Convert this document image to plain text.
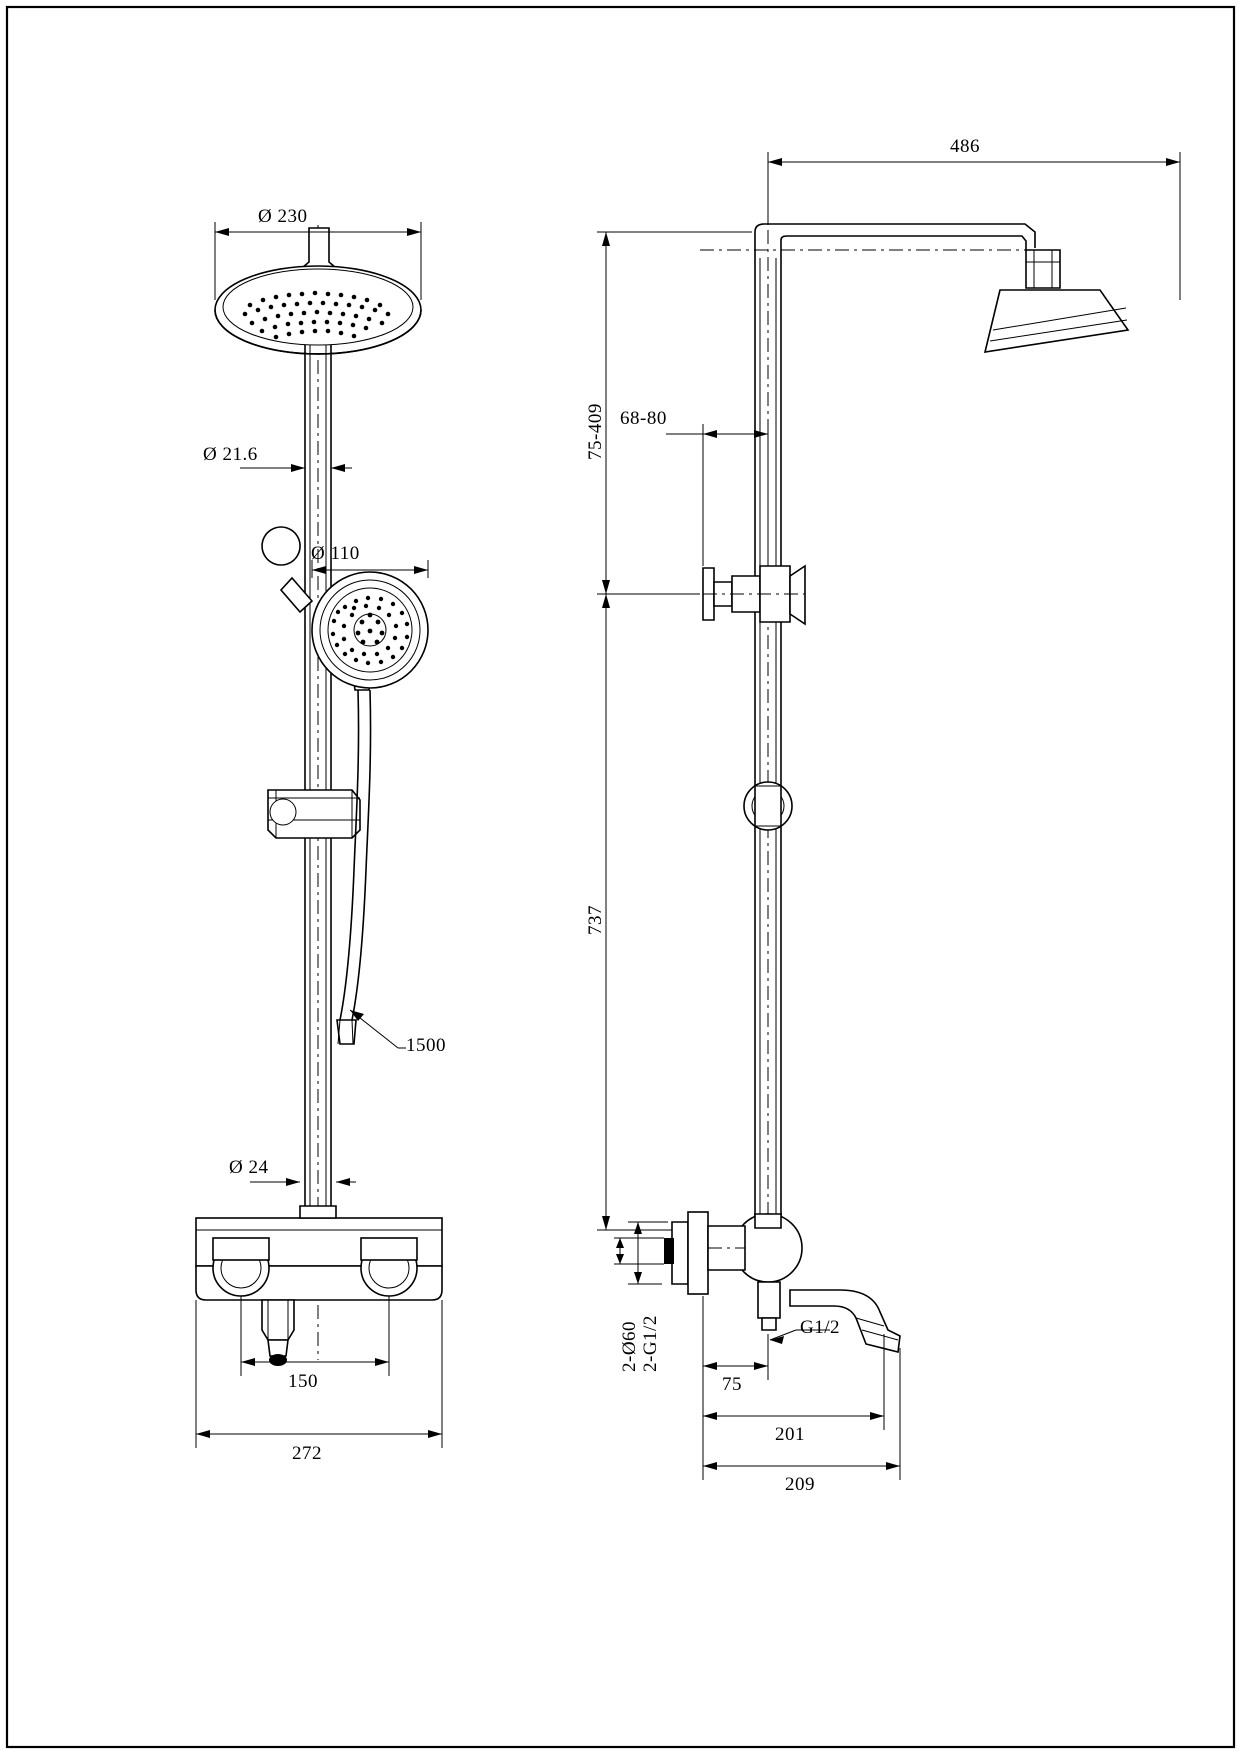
Ø 230
Ø 21.6
Ø 110
1500
Ø 24
150
272
486
75-409 68-80
737
2-Ø60 2-G1/2	G1/2
75
201
209
